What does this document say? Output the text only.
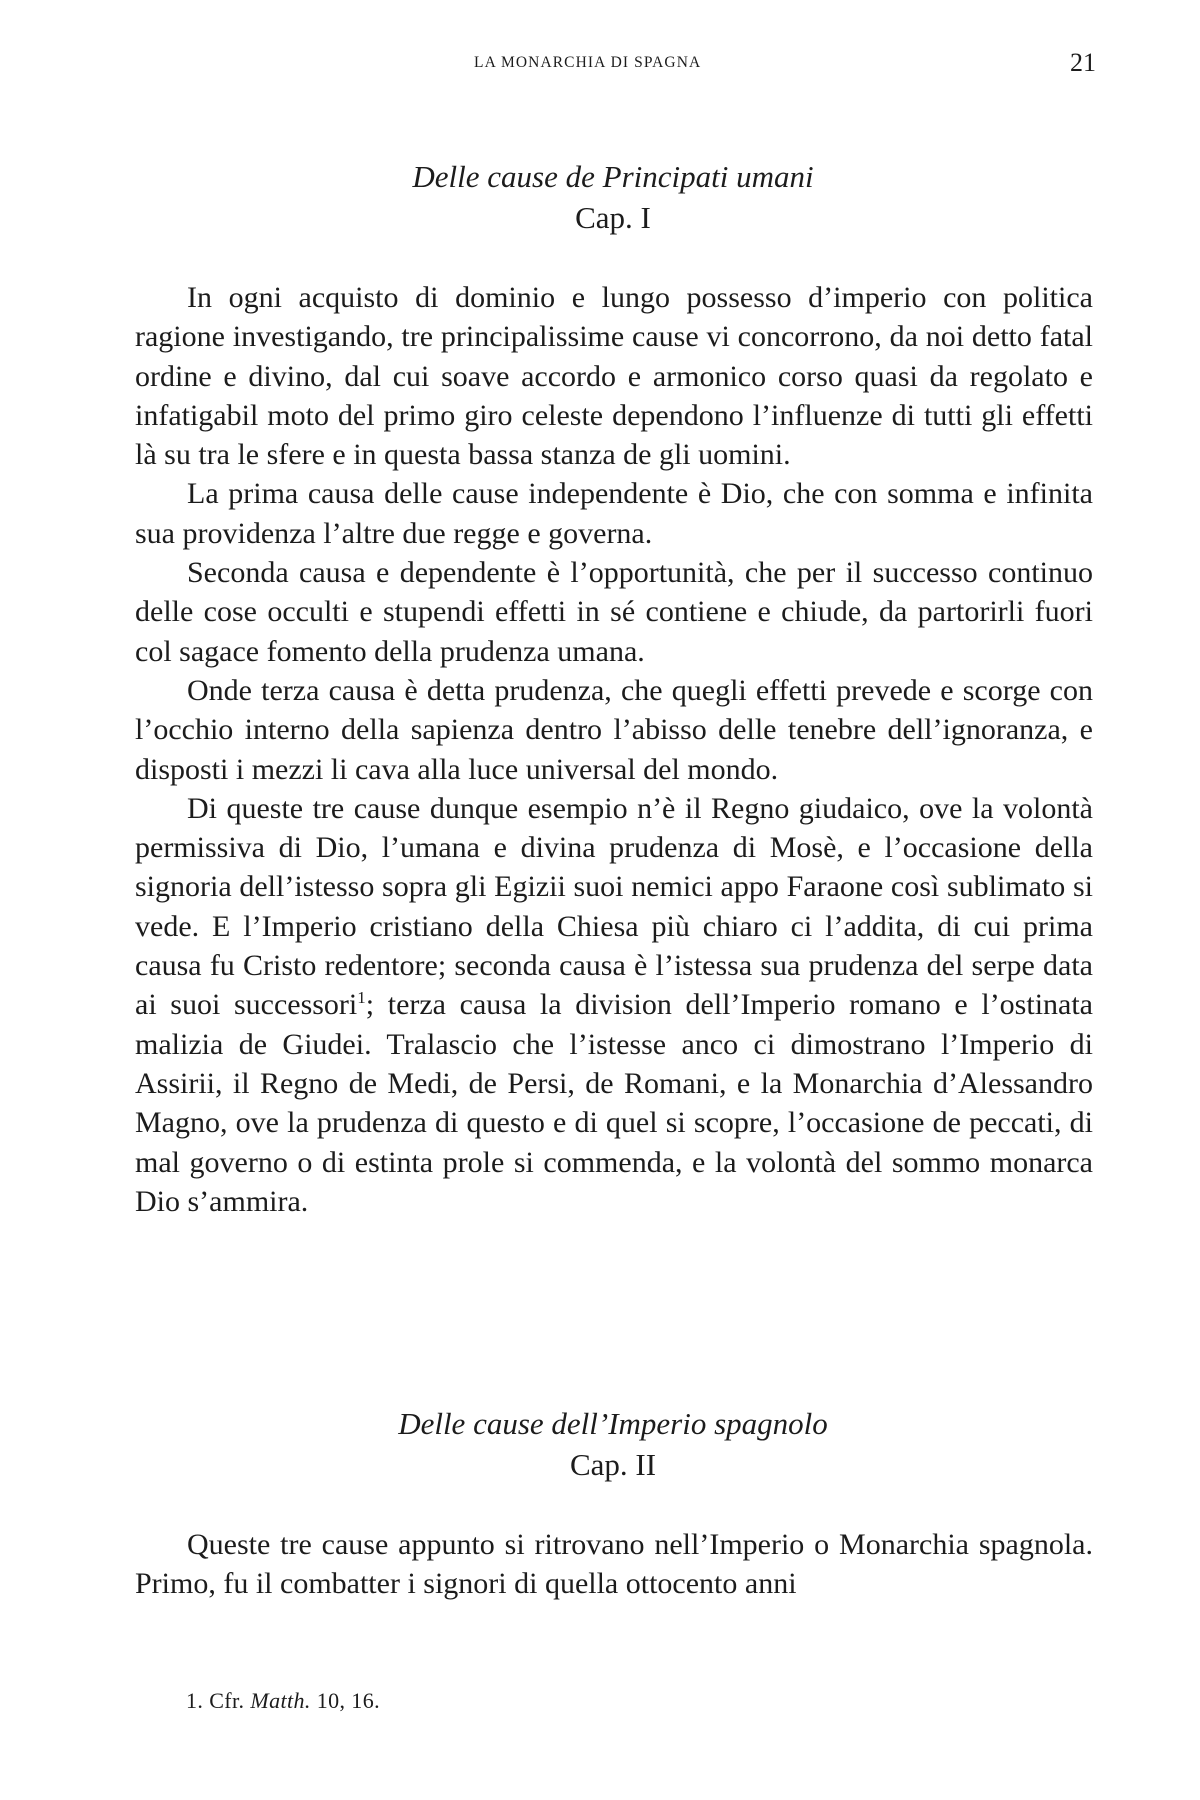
LA MONARCHIA DI SPAGNA	21
Delle cause de Principati umani
Cap. I

In ogni acquisto di dominio e lungo possesso d’imperio con politica ragione investigando, tre principalissime cause vi concorrono, da noi detto fatal ordine e divino, dal cui soave accordo e armonico corso quasi da regolato e infatigabil moto del primo giro celeste dependono l’influenze di tutti gli effetti là su tra le sfere e in questa bassa stanza de gli uomini.

La prima causa delle cause independente è Dio, che con somma e infinita sua providenza l’altre due regge e governa.

Seconda causa e dependente è l’opportunità, che per il successo continuo delle cose occulti e stupendi effetti in sé contiene e chiude, da partorirli fuori col sagace fomento della prudenza umana.

Onde terza causa è detta prudenza, che quegli effetti prevede e scorge con l’occhio interno della sapienza dentro l’abisso delle tenebre dell’ignoranza, e disposti i mezzi li cava alla luce universal del mondo.

Di queste tre cause dunque esempio n’è il Regno giudaico, ove la volontà permissiva di Dio, l’umana e divina prudenza di Mosè, e l’occasione della signoria dell’istesso sopra gli Egizii suoi nemici appo Faraone così sublimato si vede. E l’Imperio cristiano della Chiesa più chiaro ci l’addita, di cui prima causa fu Cristo redentore; seconda causa è l’istessa sua prudenza del serpe data ai suoi successori$^1$; terza causa la division dell’Imperio romano e l’ostinata malizia de Giudei. Tralascio che l’istesse anco ci dimostrano l’Imperio di Assirii, il Regno de Medi, de Persi, de Romani, e la Monarchia d’Alessandro Magno, ove la prudenza di questo e di quel si scopre, l’occasione de peccati, di mal governo o di estinta prole si commenda, e la volontà del sommo monarca Dio s’ammira.

Delle cause dell’Imperio spagnolo
Cap. II

Queste tre cause appunto si ritrovano nell’Imperio o Monarchia spagnola. Primo, fu il combatter i signori di quella ottocento anni

1. Cfr. Matth. 10, 16.
